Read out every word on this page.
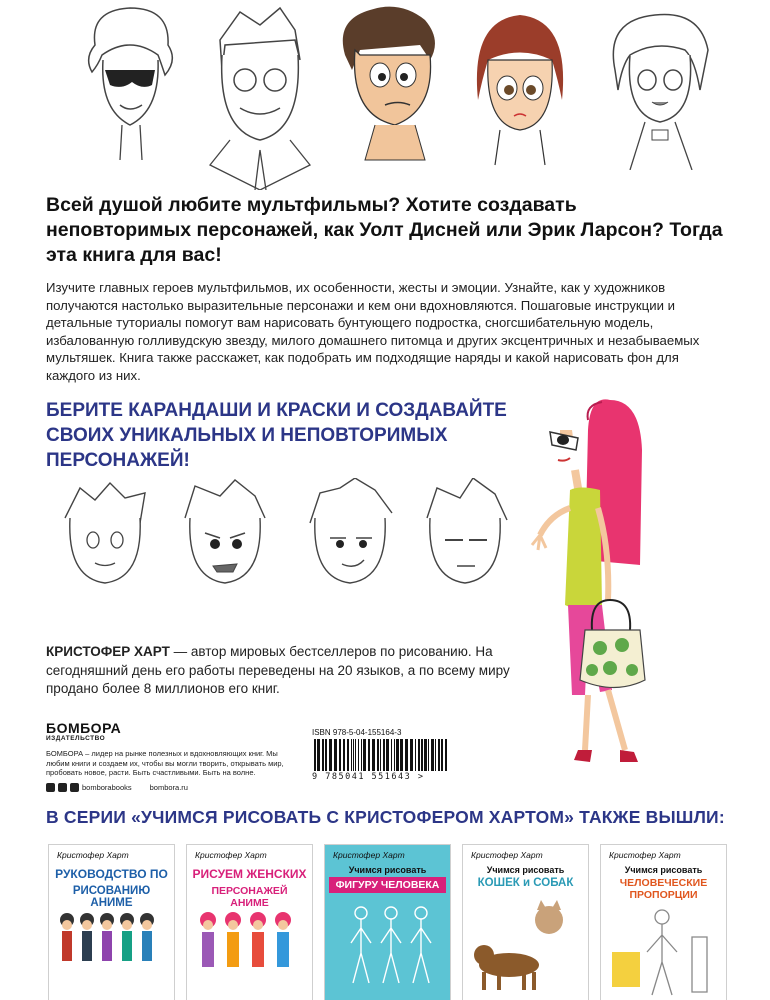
Всей душой любите мультфильмы? Хотите создавать неповторимых персонажей, как Уолт Дисней или Эрик Ларсон? Тогда эта книга для вас!
Изучите главных героев мультфильмов, их особенности, жесты и эмоции. Узнайте, как у художников получаются настолько выразительные персонажи и кем они вдохновляются. Пошаговые инструкции и детальные туториалы помогут вам нарисовать бунтующего подростка, сногсшибательную модель, избалованную голливудскую звезду, милого домашнего питомца и других эксцентричных и незабываемых мультяшек. Книга также расскажет, как подобрать им подходящие наряды и какой нарисовать фон для каждого из них.
БЕРИТЕ КАРАНДАШИ И КРАСКИ И СОЗДАВАЙТЕ СВОИХ УНИКАЛЬНЫХ И НЕПОВТОРИМЫХ ПЕРСОНАЖЕЙ!
КРИСТОФЕР ХАРТ — автор мировых бестселлеров по рисованию. На сегодняшний день его работы переведены на 20 языков, а по всему миру продано более 8 миллионов его книг.
БОМБОРА
ИЗДАТЕЛЬСТВО
БОМБОРА – лидер на рынке полезных и вдохновляющих книг. Мы любим книги и создаем их, чтобы вы могли творить, открывать мир, пробовать новое, расти. Быть счастливыми. Быть на волне.
bomborabooks bombora.ru
ISBN 978-5-04-155164-3
9 785041 551643 >
В СЕРИИ «УЧИМСЯ РИСОВАТЬ С КРИСТОФЕРОМ ХАРТОМ» ТАКЖЕ ВЫШЛИ:
Кристофер Харт
РУКОВОДСТВО ПО
РИСОВАНИЮ АНИМЕ
Кристофер Харт
РИСУЕМ ЖЕНСКИХ
ПЕРСОНАЖЕЙ АНИМЕ
Кристофер Харт
Учимся рисовать
ФИГУРУ ЧЕЛОВЕКА
Кристофер Харт
Учимся рисовать
КОШЕК и СОБАК
Кристофер Харт
Учимся рисовать
ЧЕЛОВЕЧЕСКИЕ ПРОПОРЦИИ
